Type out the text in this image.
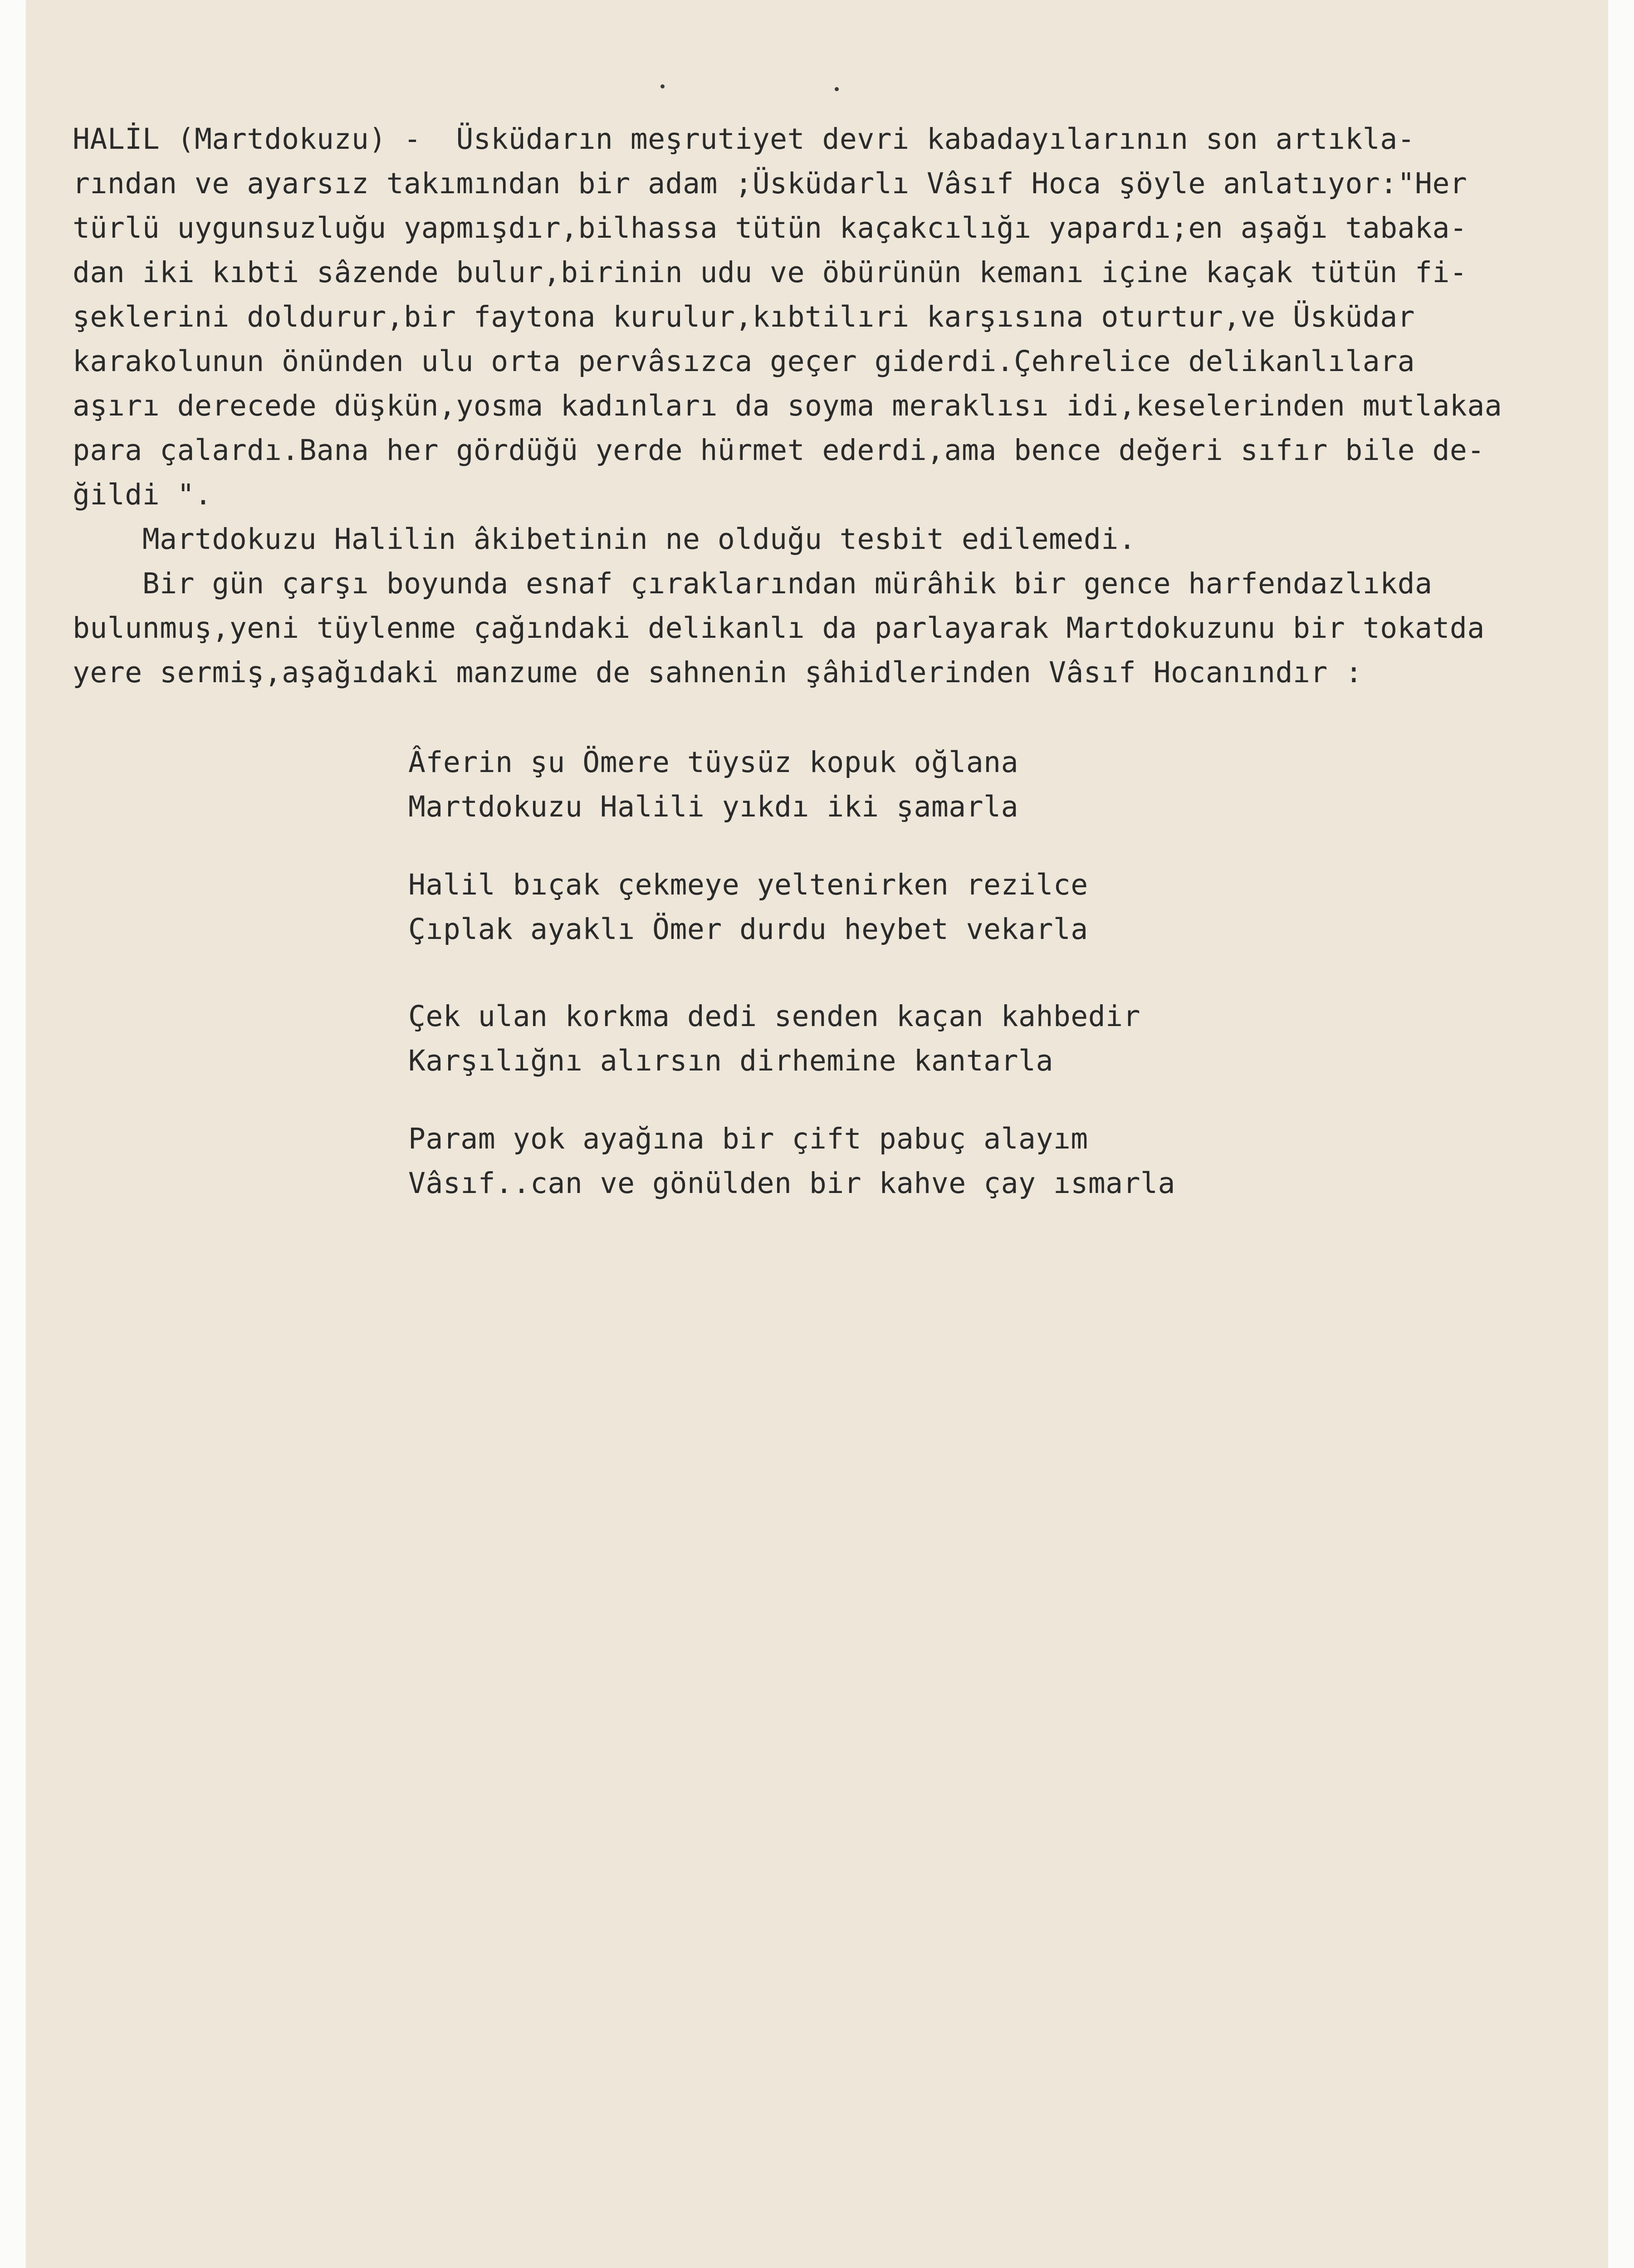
HALİL (Martdokuzu) -  Üsküdarın meşrutiyet devri kabadayılarının son artıkla-
rından ve ayarsız takımından bir adam ;Üsküdarlı Vâsıf Hoca şöyle anlatıyor:"Her
türlü uygunsuzluğu yapmışdır,bilhassa tütün kaçakcılığı yapardı;en aşağı tabaka-
dan iki kıbti sâzende bulur,birinin udu ve öbürünün kemanı içine kaçak tütün fi-
şeklerini doldurur,bir faytona kurulur,kıbtilıri karşısına oturtur,ve Üsküdar
karakolunun önünden ulu orta pervâsızca geçer giderdi.Çehrelice delikanlılara
aşırı derecede düşkün,yosma kadınları da soyma meraklısı idi,keselerinden mutlakaa
para çalardı.Bana her gördüğü yerde hürmet ederdi,ama bence değeri sıfır bile de-
ğildi ".
Martdokuzu Halilin âkibetinin ne olduğu tesbit edilemedi.
Bir gün çarşı boyunda esnaf çıraklarından mürâhik bir gence harfendazlıkda
bulunmuş,yeni tüylenme çağındaki delikanlı da parlayarak Martdokuzunu bir tokatda
yere sermiş,aşağıdaki manzume de sahnenin şâhidlerinden Vâsıf Hocanındır :
Âferin şu Ömere tüysüz kopuk oğlana
Martdokuzu Halili yıkdı iki şamarla
Halil bıçak çekmeye yeltenirken rezilce
Çıplak ayaklı Ömer durdu heybet vekarla
Çek ulan korkma dedi senden kaçan kahbedir
Karşılığnı alırsın dirhemine kantarla
Param yok ayağına bir çift pabuç alayım
Vâsıf..can ve gönülden bir kahve çay ısmarla
